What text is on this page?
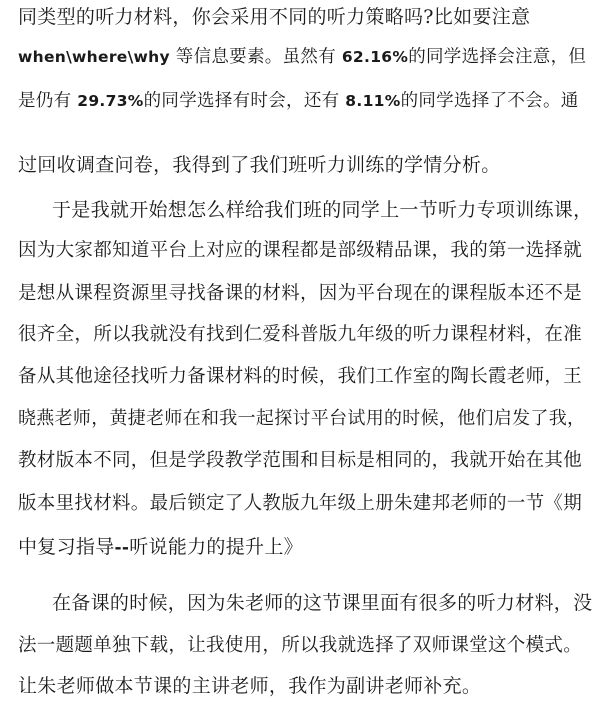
同类型的听力材料，你会采用不同的听力策略吗?比如要注意
when\where\why 等信息要素。虽然有 62.16%的同学选择会注意，但
是仍有 29.73%的同学选择有时会，还有 8.11%的同学选择了不会。通
过回收调查问卷，我得到了我们班听力训练的学情分析。
于是我就开始想怎么样给我们班的同学上一节听力专项训练课，
因为大家都知道平台上对应的课程都是部级精品课，我的第一选择就
是想从课程资源里寻找备课的材料，因为平台现在的课程版本还不是
很齐全，所以我就没有找到仁爱科普版九年级的听力课程材料，在准
备从其他途径找听力备课材料的时候，我们工作室的陶长霞老师，王
晓燕老师，黄捷老师在和我一起探讨平台试用的时候，他们启发了我，
教材版本不同，但是学段教学范围和目标是相同的，我就开始在其他
版本里找材料。最后锁定了人教版九年级上册朱建邦老师的一节《期
中复习指导--听说能力的提升上》
在备课的时候，因为朱老师的这节课里面有很多的听力材料，没
法一题题单独下载，让我使用，所以我就选择了双师课堂这个模式。
让朱老师做本节课的主讲老师，我作为副讲老师补充。
